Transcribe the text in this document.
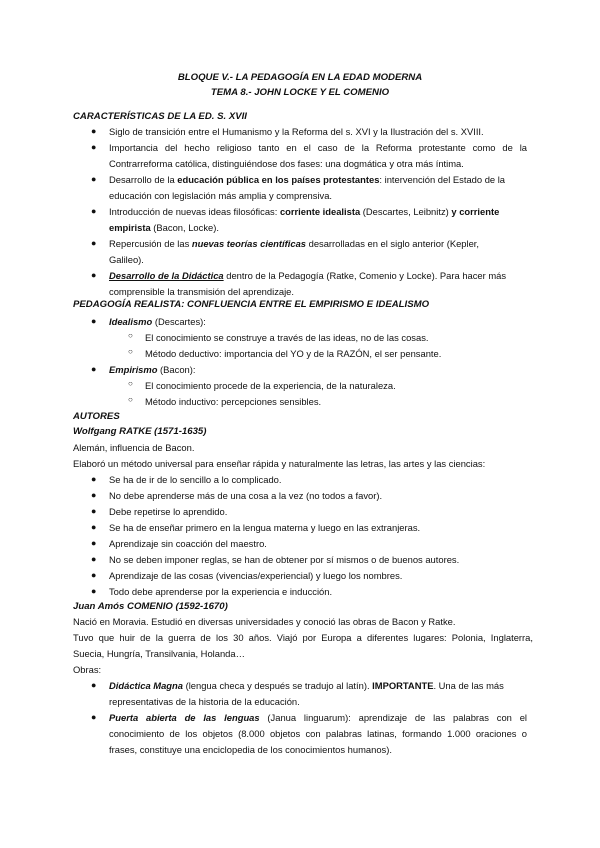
BLOQUE V.- LA PEDAGOGÍA EN LA EDAD MODERNA
TEMA 8.- JOHN LOCKE Y EL COMENIO
CARACTERÍSTICAS DE LA ED. S. XVII
● Siglo de transición entre el Humanismo y la Reforma del s. XVI y la Ilustración del s. XVIII.
● Importancia del hecho religioso tanto en el caso de la Reforma protestante como de la
Contrarreforma católica, distinguiéndose dos fases: una dogmática y otra más íntima.
● Desarrollo de la educación pública en los países protestantes: intervención del Estado de la
educación con legislación más amplia y comprensiva.
● Introducción de nuevas ideas filosóficas: corriente idealista (Descartes, Leibnitz) y corriente
empirista (Bacon, Locke).
● Repercusión de las nuevas teorías científicas desarrolladas en el siglo anterior (Kepler,
Galileo).
● Desarrollo de la Didáctica dentro de la Pedagogía (Ratke, Comenio y Locke). Para hacer más
comprensible la transmisión del aprendizaje.
PEDAGOGÍA REALISTA: CONFLUENCIA ENTRE EL EMPIRISMO E IDEALISMO
● Idealismo (Descartes):
○ El conocimiento se construye a través de las ideas, no de las cosas.
○ Método deductivo: importancia del YO y de la RAZÓN, el ser pensante.
● Empirismo (Bacon):
○ El conocimiento procede de la experiencia, de la naturaleza.
○ Método inductivo: percepciones sensibles.
AUTORES
Wolfgang RATKE (1571-1635)
Alemán, influencia de Bacon.
Elaboró un método universal para enseñar rápida y naturalmente las letras, las artes y las ciencias:
● Se ha de ir de lo sencillo a lo complicado.
● No debe aprenderse más de una cosa a la vez (no todos a favor).
● Debe repetirse lo aprendido.
● Se ha de enseñar primero en la lengua materna y luego en las extranjeras.
● Aprendizaje sin coacción del maestro.
● No se deben imponer reglas, se han de obtener por sí mismos o de buenos autores.
● Aprendizaje de las cosas (vivencias/experiencial) y luego los nombres.
● Todo debe aprenderse por la experiencia e inducción.
Juan Amós COMENIO (1592-1670)
Nació en Moravia. Estudió en diversas universidades y conoció las obras de Bacon y Ratke.
Tuvo que huir de la guerra de los 30 años. Viajó por Europa a diferentes lugares: Polonia, Inglaterra,
Suecia, Hungría, Transilvania, Holanda…
Obras:
● Didáctica Magna (lengua checa y después se tradujo al latín). IMPORTANTE. Una de las más
representativas de la historia de la educación.
● Puerta abierta de las lenguas (Janua linguarum): aprendizaje de las palabras con el
conocimiento de los objetos (8.000 objetos con palabras latinas, formando 1.000 oraciones o
frases, constituye una enciclopedia de los conocimientos humanos).
